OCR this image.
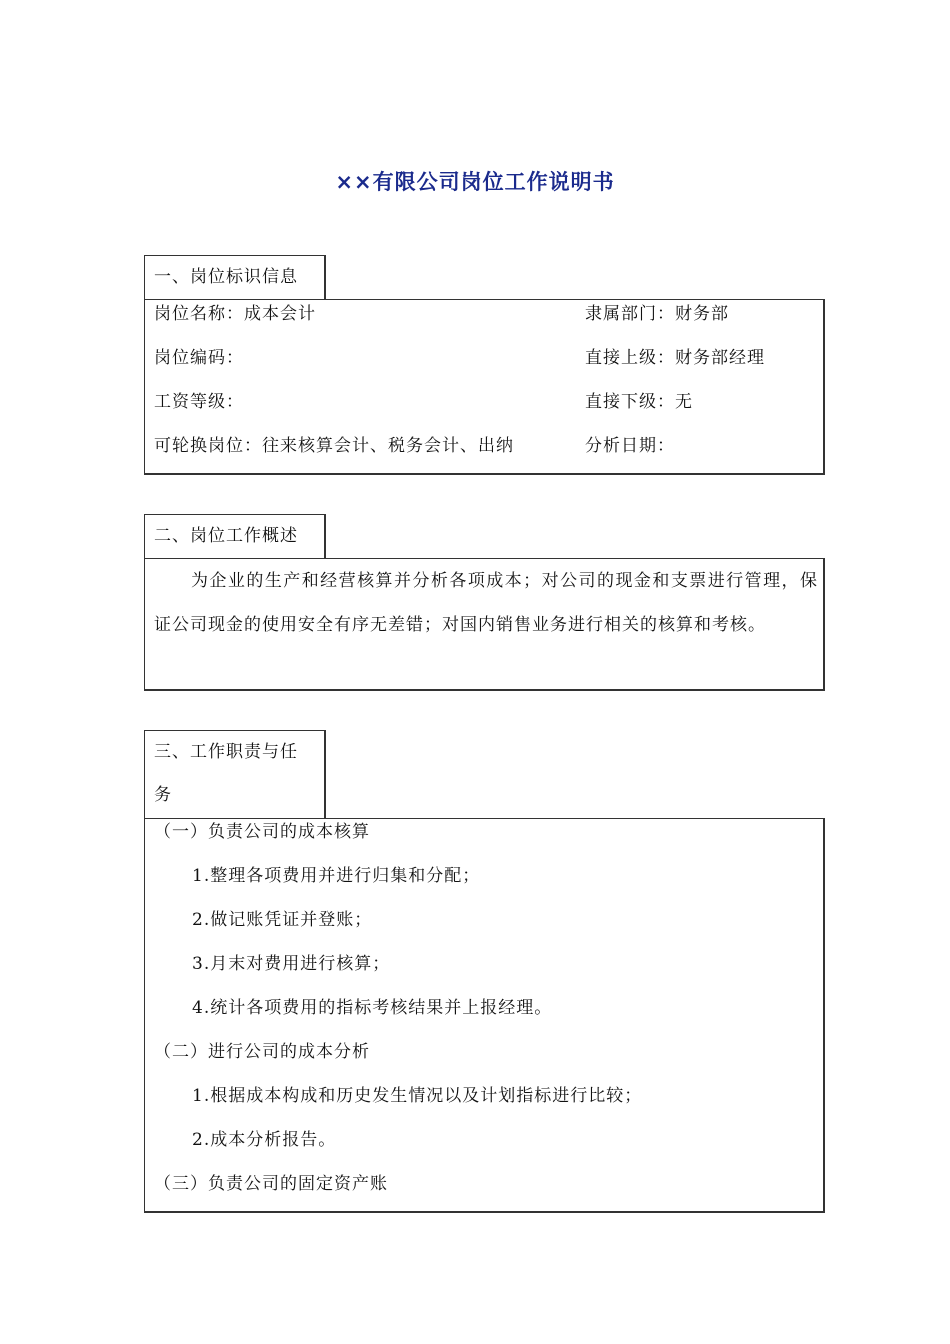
××有限公司岗位工作说明书
一、岗位标识信息
岗位名称：成本会计	隶属部门：财务部
岗位编码：	直接上级：财务部经理
工资等级：	直接下级：无
可轮换岗位：往来核算会计、税务会计、出纳	分析日期：
二、岗位工作概述
为企业的生产和经营核算并分析各项成本；对公司的现金和支票进行管理，保证公司现金的使用安全有序无差错；对国内销售业务进行相关的核算和考核。
三、工作职责与任
务
（一）负责公司的成本核算
1.整理各项费用并进行归集和分配；
2.做记账凭证并登账；
3.月末对费用进行核算；
4.统计各项费用的指标考核结果并上报经理。
（二）进行公司的成本分析
1.根据成本构成和历史发生情况以及计划指标进行比较；
2.成本分析报告。
（三）负责公司的固定资产账
